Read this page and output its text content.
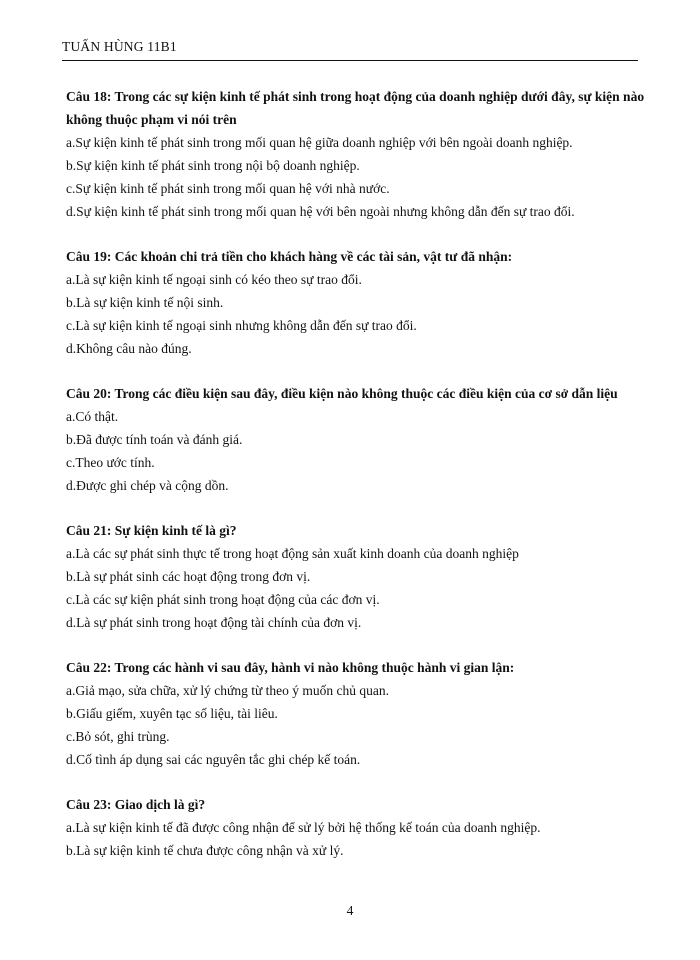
TUẤN HÙNG 11B1
Câu 18: Trong các sự kiện kinh tế phát sinh trong hoạt động của doanh nghiệp dưới đây, sự kiện nào không thuộc phạm vi nói trên
a.Sự kiện kinh tế phát sinh trong mối quan hệ giữa doanh nghiệp với bên ngoài doanh nghiệp.
b.Sự kiện kinh tế phát sinh trong nội bộ doanh nghiệp.
c.Sự kiện kinh tế phát sinh trong mối quan hệ với nhà nước.
d.Sự kiện kinh tế phát sinh trong mối quan hệ với bên ngoài nhưng không dẫn đến sự trao đổi.
Câu 19: Các khoản chi trả tiền cho khách hàng về các tài sản, vật tư đã nhận:
a.Là sự kiện kinh tế ngoại sinh có kéo theo sự trao đổi.
b.Là sự kiện kinh tế nội sinh.
c.Là sự kiện kinh tế ngoại sinh nhưng không dẫn đến sự trao đổi.
d.Không câu nào đúng.
Câu 20: Trong các điều kiện sau đây, điều kiện nào không thuộc các điều kiện của cơ sở dẫn liệu
a.Có thật.
b.Đã được tính toán và đánh giá.
c.Theo ước tính.
d.Được ghi chép và cộng dồn.
Câu 21: Sự kiện kinh tế là gì?
a.Là các sự phát sinh thực tế trong hoạt động sản xuất kinh doanh của doanh nghiệp
b.Là sự phát sinh các hoạt động trong đơn vị.
c.Là các sự kiện phát sinh trong hoạt động của các đơn vị.
d.Là sự phát sinh trong hoạt động tài chính của đơn vị.
Câu 22: Trong các hành vi sau đây, hành vi nào không thuộc hành vi gian lận:
a.Giả mạo, sửa chữa, xử lý chứng từ theo ý muốn chủ quan.
b.Giấu giếm, xuyên tạc số liệu, tài liêu.
c.Bỏ sót, ghi trùng.
d.Cố tình áp dụng sai các nguyên tắc ghi chép kế toán.
Câu 23: Giao dịch là gì?
a.Là sự kiện kinh tế đã được công nhận để sử lý bởi hệ thống kế toán của doanh nghiệp.
b.Là sự kiện kinh tế chưa được công nhận và xử lý.
4
